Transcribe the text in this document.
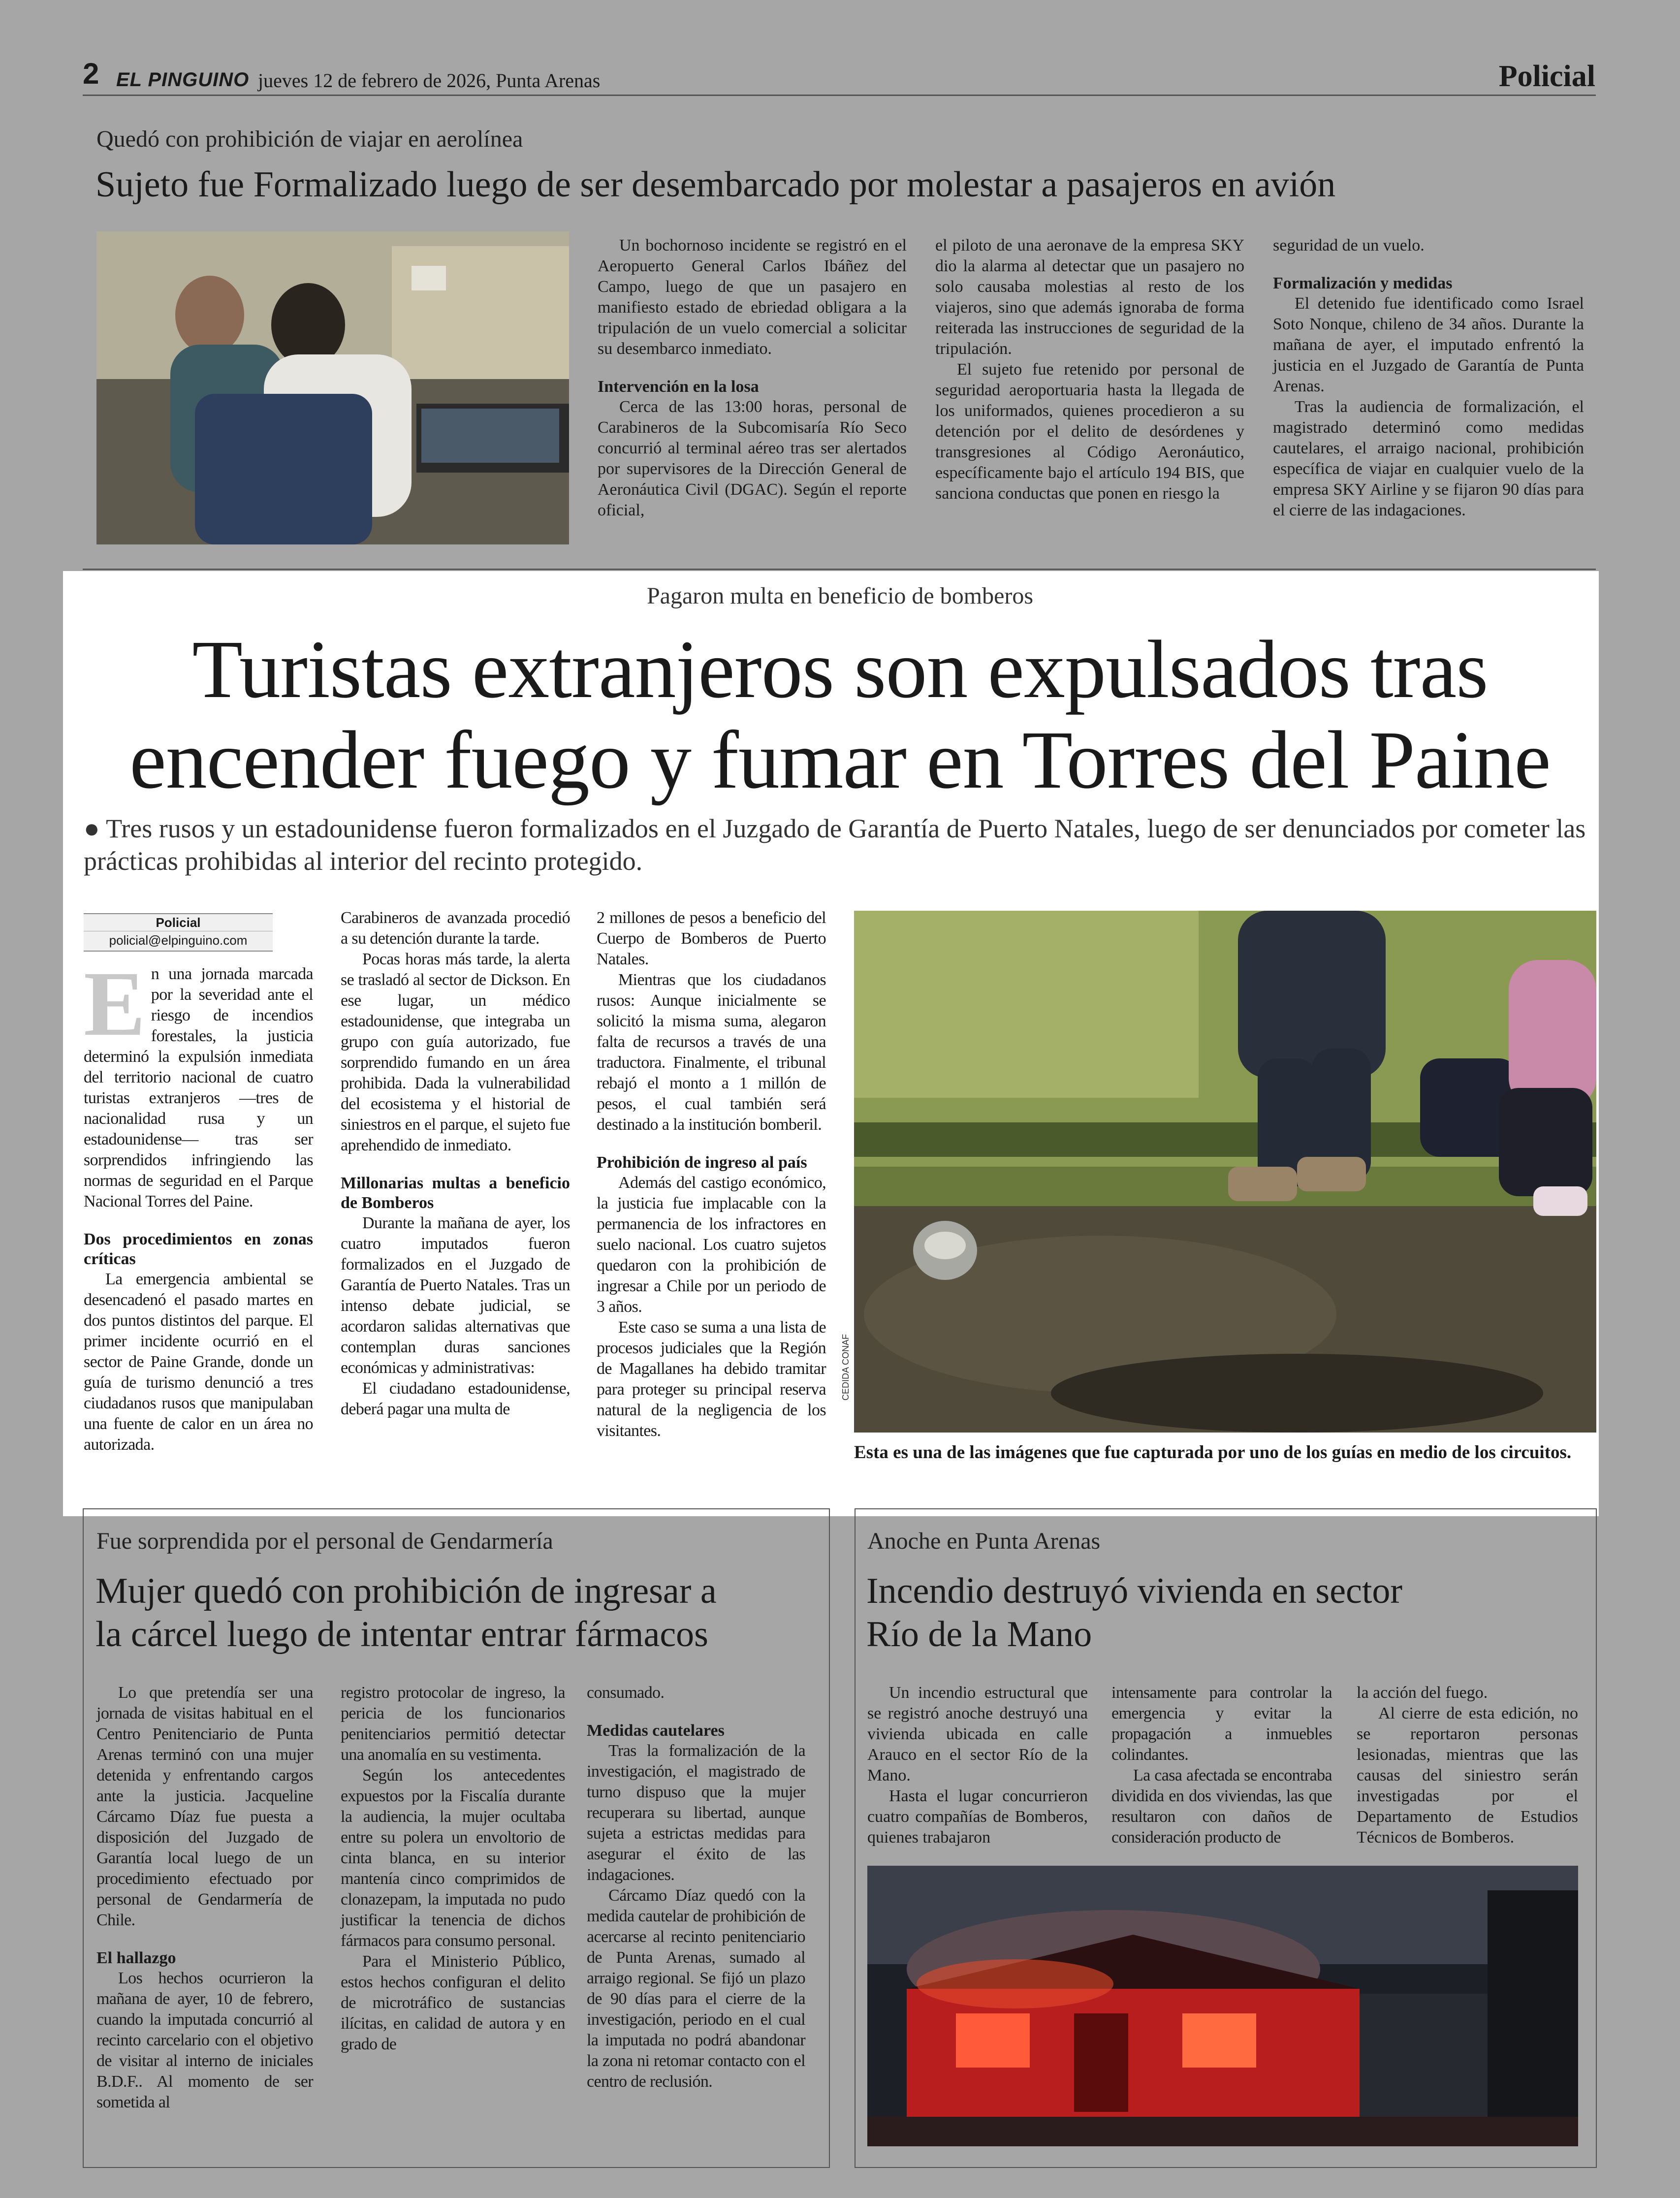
2 EL PINGUINO jueves 12 de febrero de 2026, Punta Arenas	Policial
Quedó con prohibición de viajar en aerolínea
Sujeto fue Formalizado luego de ser desembarcado por molestar a pasajeros en avión

Un bochornoso incidente se registró en el Aeropuerto General Carlos Ibáñez del Campo, luego de que un pasajero en manifiesto estado de ebriedad obligara a la tripulación de un vuelo comercial a solicitar su desembarco inmediato.

Intervención en la losa

Cerca de las 13:00 horas, personal de Carabineros de la Subcomisaría Río Seco concurrió al terminal aéreo tras ser alertados por supervisores de la Dirección General de Aeronáutica Civil (DGAC). Según el reporte oficial,

el piloto de una aeronave de la empresa SKY dio la alarma al detectar que un pasajero no solo causaba molestias al resto de los viajeros, sino que además ignoraba de forma reiterada las instrucciones de seguridad de la tripulación.

El sujeto fue retenido por personal de seguridad aeroportuaria hasta la llegada de los uniformados, quienes procedieron a su detención por el delito de desórdenes y transgresiones al Código Aeronáutico, específicamente bajo el artículo 194 BIS, que sanciona conductas que ponen en riesgo la

seguridad de un vuelo.

Formalización y medidas

El detenido fue identificado como Israel Soto Nonque, chileno de 34 años. Durante la mañana de ayer, el imputado enfrentó la justicia en el Juzgado de Garantía de Punta Arenas.

Tras la audiencia de formalización, el magistrado determinó como medidas cautelares, el arraigo nacional, prohibición específica de viajar en cualquier vuelo de la empresa SKY Airline y se fijaron 90 días para el cierre de las indagaciones.

Pagaron multa en beneficio de bomberos
Turistas extranjeros son expulsados tras
encender fuego y fumar en Torres del Paine
● Tres rusos y un estadounidense fueron formalizados en el Juzgado de Garantía de Puerto Natales, luego de ser denunciados por cometer las prácticas prohibidas al interior del recinto protegido.
Policial
policial@elpinguino.com

En una jornada marcada por la severidad ante el riesgo de incendios forestales, la justicia determinó la expulsión inmediata del territorio nacional de cuatro turistas extranjeros —tres de nacionalidad rusa y un estadounidense— tras ser sorprendidos infringiendo las normas de seguridad en el Parque Nacional Torres del Paine.

Dos procedimientos en zonas críticas

La emergencia ambiental se desencadenó el pasado martes en dos puntos distintos del parque. El primer incidente ocurrió en el sector de Paine Grande, donde un guía de turismo denunció a tres ciudadanos rusos que manipulaban una fuente de calor en un área no autorizada.

Carabineros de avanzada procedió a su detención durante la tarde.

Pocas horas más tarde, la alerta se trasladó al sector de Dickson. En ese lugar, un médico estadounidense, que integraba un grupo con guía autorizado, fue sorprendido fumando en un área prohibida. Dada la vulnerabilidad del ecosistema y el historial de siniestros en el parque, el sujeto fue aprehendido de inmediato.

Millonarias multas a beneficio de Bomberos

Durante la mañana de ayer, los cuatro imputados fueron formalizados en el Juzgado de Garantía de Puerto Natales. Tras un intenso debate judicial, se acordaron salidas alternativas que contemplan duras sanciones económicas y administrativas:

El ciudadano estadounidense, deberá pagar una multa de

2 millones de pesos a beneficio del Cuerpo de Bomberos de Puerto Natales.

Mientras que los ciudadanos rusos: Aunque inicialmente se solicitó la misma suma, alegaron falta de recursos a través de una traductora. Finalmente, el tribunal rebajó el monto a 1 millón de pesos, el cual también será destinado a la institución bomberil.

Prohibición de ingreso al país

Además del castigo económico, la justicia fue implacable con la permanencia de los infractores en suelo nacional. Los cuatro sujetos quedaron con la prohibición de ingresar a Chile por un periodo de 3 años.

Este caso se suma a una lista de procesos judiciales que la Región de Magallanes ha debido tramitar para proteger su principal reserva natural de la negligencia de los visitantes.

CEDIDA CONAF
Esta es una de las imágenes que fue capturada por uno de los guías en medio de los circuitos.
Fue sorprendida por el personal de Gendarmería
Mujer quedó con prohibición de ingresar a
la cárcel luego de intentar entrar fármacos

Lo que pretendía ser una jornada de visitas habitual en el Centro Penitenciario de Punta Arenas terminó con una mujer detenida y enfrentando cargos ante la justicia. Jacqueline Cárcamo Díaz fue puesta a disposición del Juzgado de Garantía local luego de un procedimiento efectuado por personal de Gendarmería de Chile.

El hallazgo

Los hechos ocurrieron la mañana de ayer, 10 de febrero, cuando la imputada concurrió al recinto carcelario con el objetivo de visitar al interno de iniciales B.D.F.. Al momento de ser sometida al

registro protocolar de ingreso, la pericia de los funcionarios penitenciarios permitió detectar una anomalía en su vestimenta.

Según los antecedentes expuestos por la Fiscalía durante la audiencia, la mujer ocultaba entre su polera un envoltorio de cinta blanca, en su interior mantenía cinco comprimidos de clonazepam, la imputada no pudo justificar la tenencia de dichos fármacos para consumo personal.

Para el Ministerio Público, estos hechos configuran el delito de microtráfico de sustancias ilícitas, en calidad de autora y en grado de

consumado.

Medidas cautelares

Tras la formalización de la investigación, el magistrado de turno dispuso que la mujer recuperara su libertad, aunque sujeta a estrictas medidas para asegurar el éxito de las indagaciones.

Cárcamo Díaz quedó con la medida cautelar de prohibición de acercarse al recinto penitenciario de Punta Arenas, sumado al arraigo regional. Se fijó un plazo de 90 días para el cierre de la investigación, periodo en el cual la imputada no podrá abandonar la zona ni retomar contacto con el centro de reclusión.

Anoche en Punta Arenas
Incendio destruyó vivienda en sector
Río de la Mano

Un incendio estructural que se registró anoche destruyó una vivienda ubicada en calle Arauco en el sector Río de la Mano.

Hasta el lugar concurrieron cuatro compañías de Bomberos, quienes trabajaron

intensamente para controlar la emergencia y evitar la propagación a inmuebles colindantes.

La casa afectada se encontraba dividida en dos viviendas, las que resultaron con daños de consideración producto de

la acción del fuego.

Al cierre de esta edición, no se reportaron personas lesionadas, mientras que las causas del siniestro serán investigadas por el Departamento de Estudios Técnicos de Bomberos.
